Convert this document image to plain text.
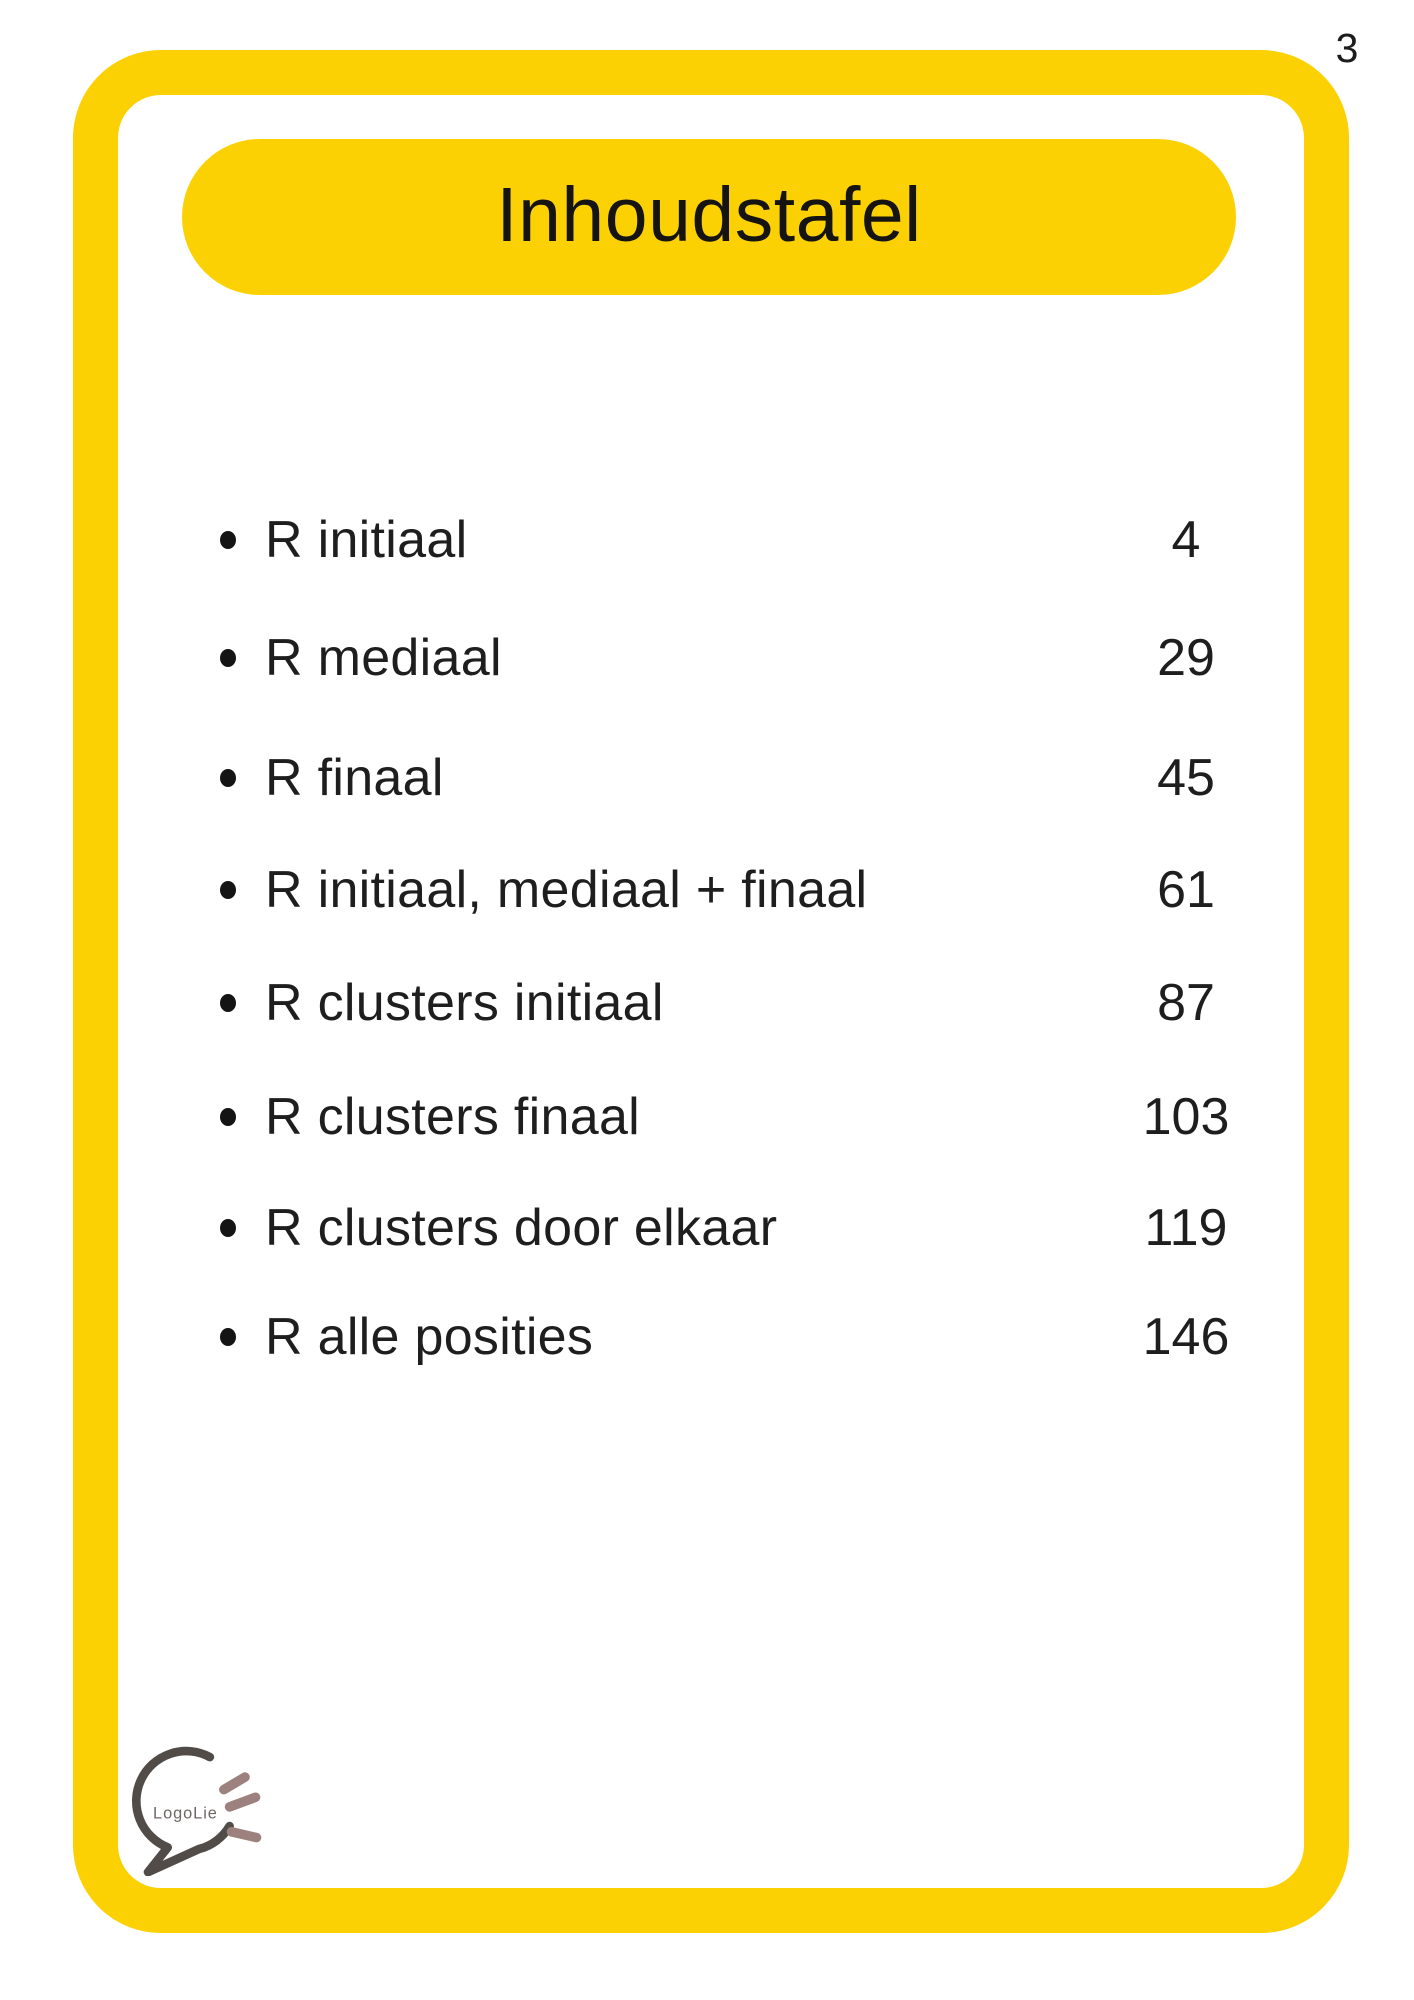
3
Inhoudstafel
R initiaal	4
R mediaal	29
R finaal	45
R initiaal, mediaal + finaal	61
R clusters initiaal	87
R clusters finaal	103
R clusters door elkaar	119
R alle posities	146
LogoLie
